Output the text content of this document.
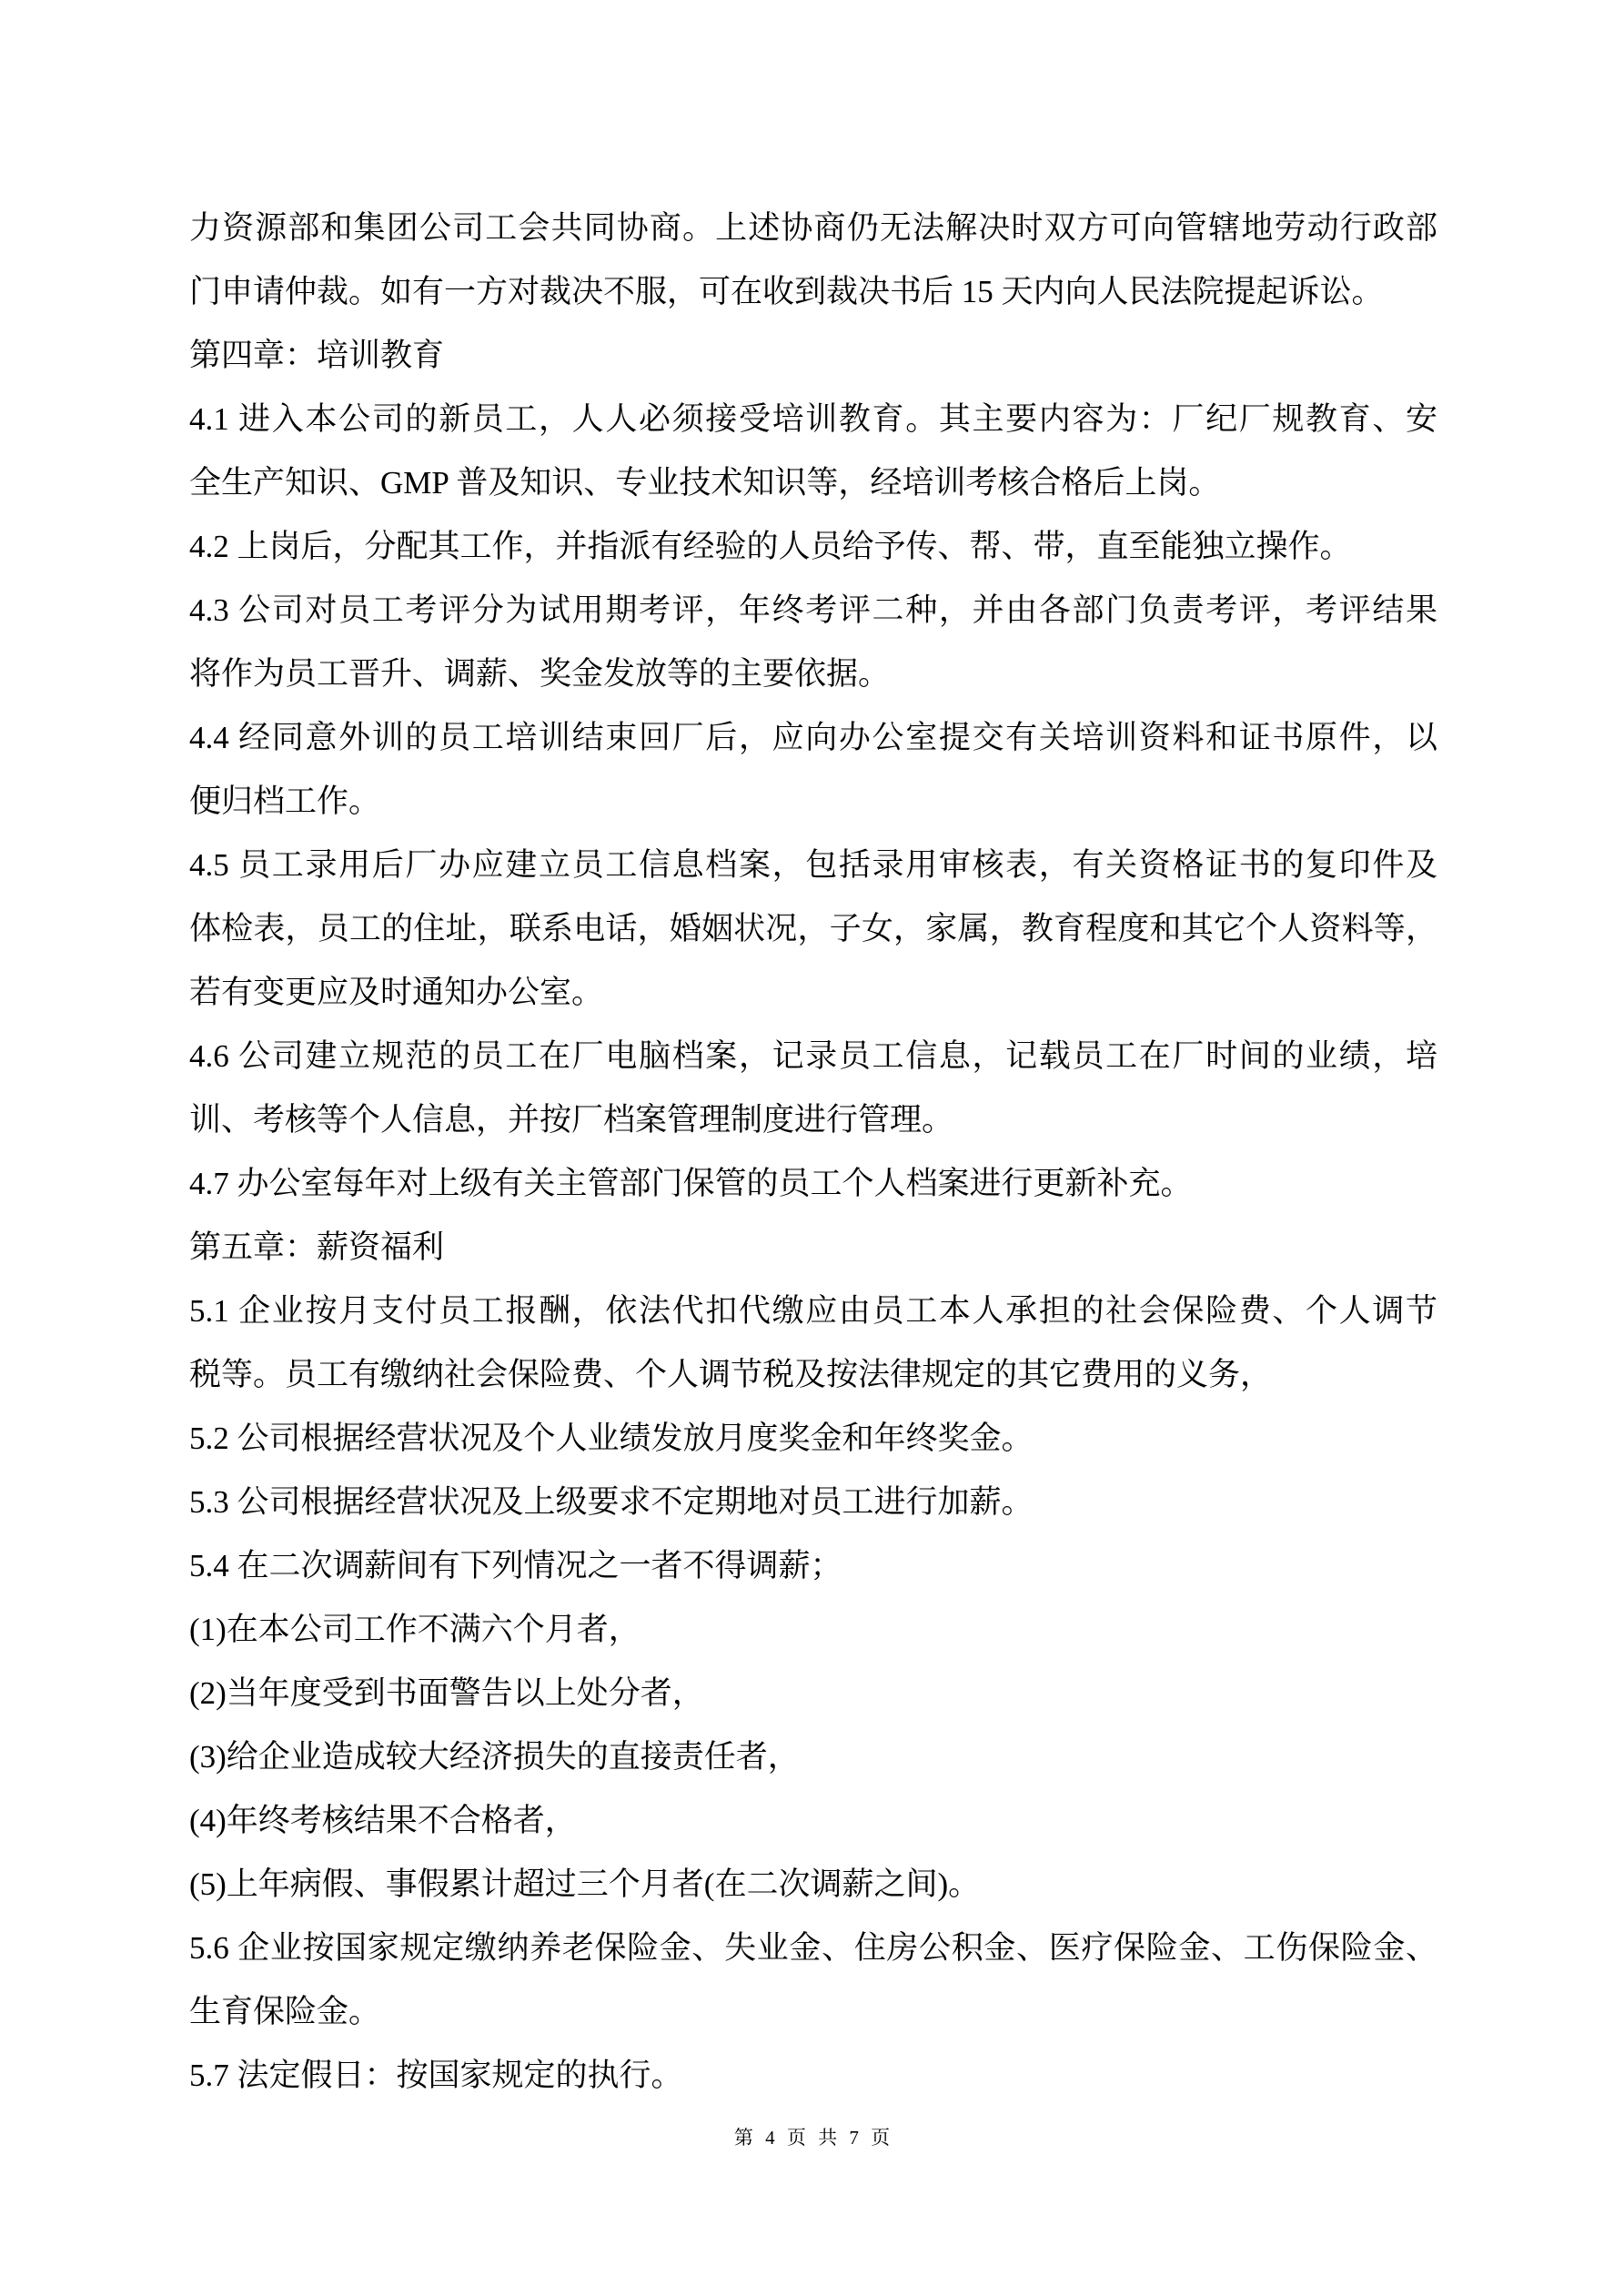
力资源部和集团公司工会共同协商。上述协商仍无法解决时双方可向管辖地劳动行政部
门申请仲裁。如有一方对裁决不服，可在收到裁决书后 15 天内向人民法院提起诉讼。
第四章：培训教育
4.1 进入本公司的新员工，人人必须接受培训教育。其主要内容为：厂纪厂规教育、安
全生产知识、GMP 普及知识、专业技术知识等，经培训考核合格后上岗。
4.2 上岗后，分配其工作，并指派有经验的人员给予传、帮、带，直至能独立操作。
4.3 公司对员工考评分为试用期考评，年终考评二种，并由各部门负责考评，考评结果
将作为员工晋升、调薪、奖金发放等的主要依据。
4.4 经同意外训的员工培训结束回厂后，应向办公室提交有关培训资料和证书原件，以
便归档工作。
4.5 员工录用后厂办应建立员工信息档案，包括录用审核表，有关资格证书的复印件及
体检表，员工的住址，联系电话，婚姻状况，子女，家属，教育程度和其它个人资料等，
若有变更应及时通知办公室。
4.6 公司建立规范的员工在厂电脑档案，记录员工信息，记载员工在厂时间的业绩，培
训、考核等个人信息，并按厂档案管理制度进行管理。
4.7 办公室每年对上级有关主管部门保管的员工个人档案进行更新补充。
第五章：薪资福利
5.1 企业按月支付员工报酬，依法代扣代缴应由员工本人承担的社会保险费、个人调节
税等。员工有缴纳社会保险费、个人调节税及按法律规定的其它费用的义务，
5.2 公司根据经营状况及个人业绩发放月度奖金和年终奖金。
5.3 公司根据经营状况及上级要求不定期地对员工进行加薪。
5.4 在二次调薪间有下列情况之一者不得调薪；
(1)在本公司工作不满六个月者，
(2)当年度受到书面警告以上处分者，
(3)给企业造成较大经济损失的直接责任者，
(4)年终考核结果不合格者，
(5)上年病假、事假累计超过三个月者(在二次调薪之间)。
5.6 企业按国家规定缴纳养老保险金、失业金、住房公积金、医疗保险金、工伤保险金、
生育保险金。
5.7 法定假日：按国家规定的执行。
第 4 页 共 7 页
